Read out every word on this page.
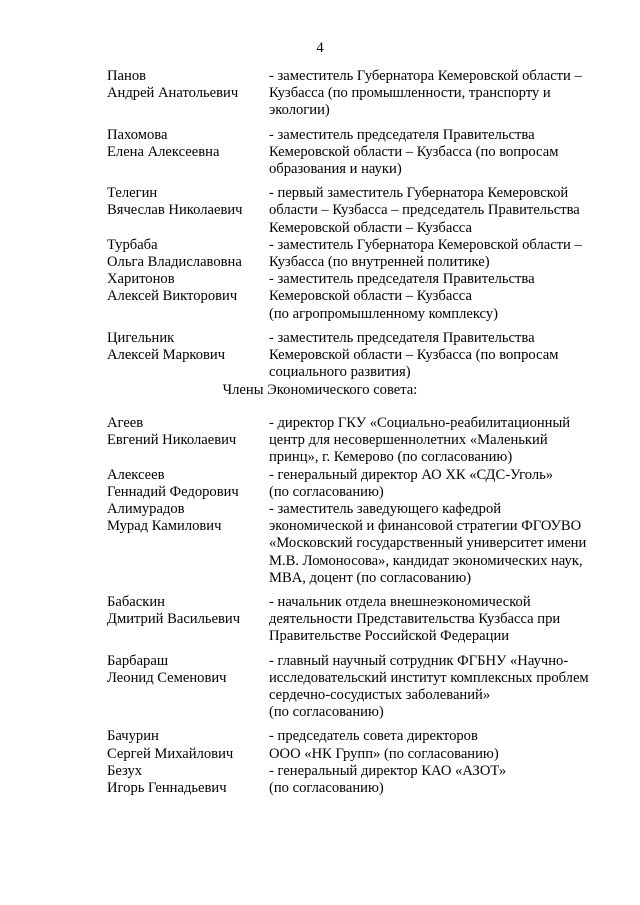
4
Панов
Андрей Анатольевич
- заместитель Губернатора Кемеровской области –
Кузбасса (по промышленности, транспорту и
экологии)
Пахомова
Елена Алексеевна
- заместитель председателя Правительства
Кемеровской области – Кузбасса (по вопросам
образования и науки)
Телегин
Вячеслав Николаевич
- первый заместитель Губернатора Кемеровской
области – Кузбасса – председатель Правительства
Кемеровской области – Кузбасса
Турбаба
Ольга Владиславовна
- заместитель Губернатора Кемеровской области –
Кузбасса (по внутренней политике)
Харитонов
Алексей Викторович
- заместитель председателя Правительства
Кемеровской области – Кузбасса
(по агропромышленному комплексу)
Цигельник
Алексей Маркович
- заместитель председателя Правительства
Кемеровской области – Кузбасса (по вопросам
социального развития)
Члены Экономического совета:
Агеев
Евгений Николаевич
- директор ГКУ «Социально-реабилитационный
центр для несовершеннолетних «Маленький
принц», г. Кемерово (по согласованию)
Алексеев
Геннадий Федорович
- генеральный директор АО ХК «СДС-Уголь»
(по согласованию)
Алимурадов
Мурад Камилович
- заместитель заведующего кафедрой
экономической и финансовой стратегии ФГОУВО
«Московский государственный университет имени
М.В. Ломоносова», кандидат экономических наук,
MBA, доцент (по согласованию)
Бабаскин
Дмитрий Васильевич
- начальник отдела внешнеэкономической
деятельности Представительства Кузбасса при
Правительстве Российской Федерации
Барбараш
Леонид Семенович
- главный научный сотрудник ФГБНУ «Научно-
исследовательский институт комплексных проблем
сердечно-сосудистых заболеваний»
(по согласованию)
Бачурин
Сергей Михайлович
- председатель совета директоров
ООО «НК Групп» (по согласованию)
Безух
Игорь Геннадьевич
- генеральный директор КАО «АЗОТ»
(по согласованию)
